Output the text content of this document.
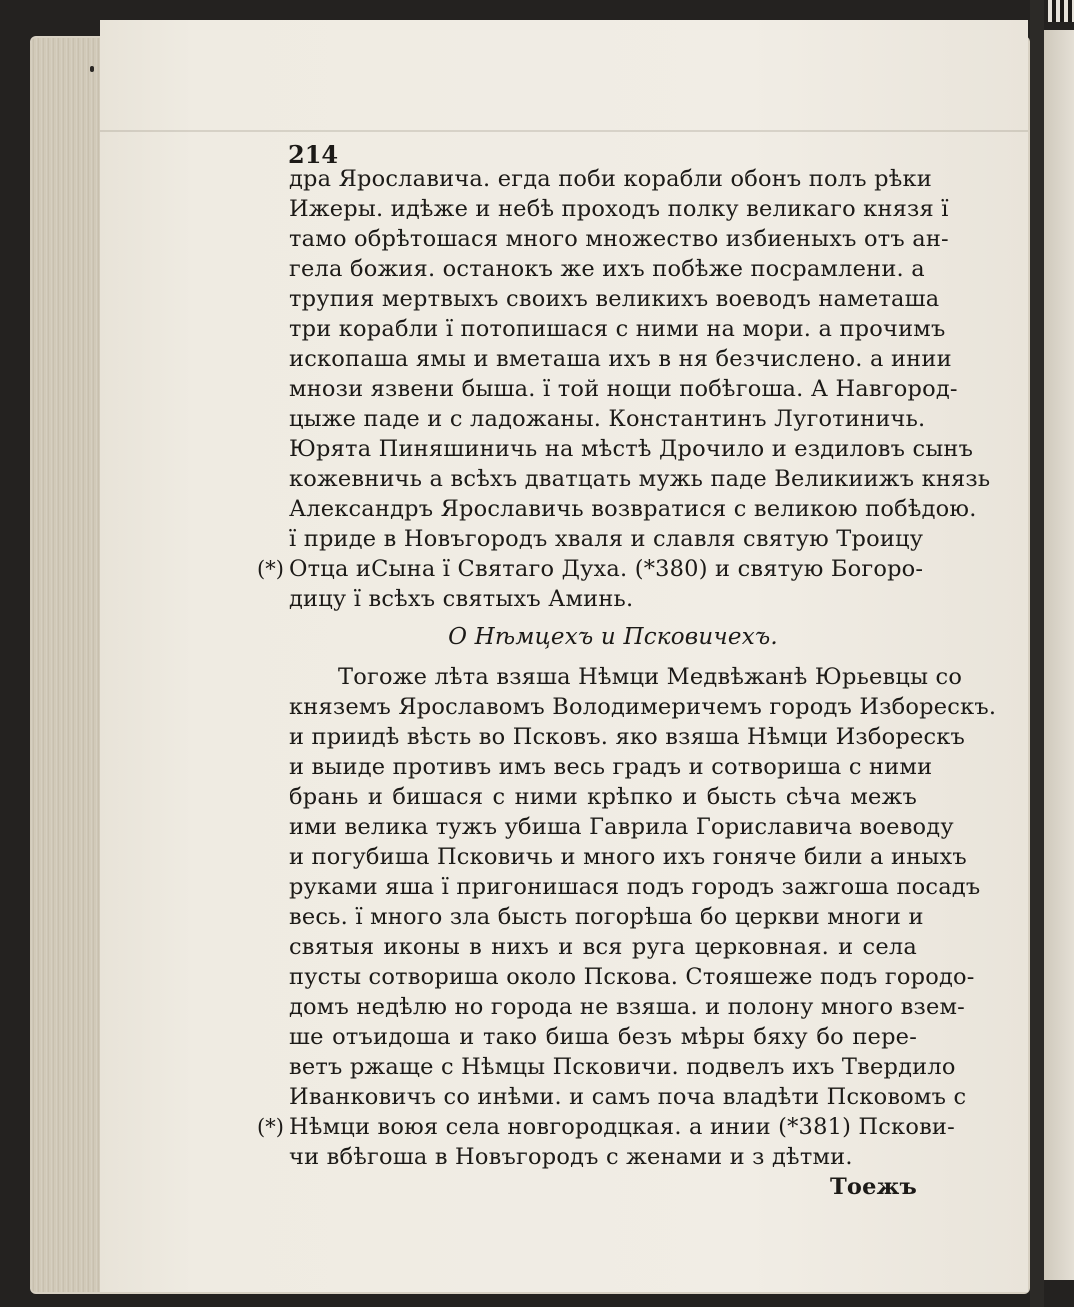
214
дра Ярославича. егда поби корабли обонъ полъ рѣки
Ижеры. идѣже и небѣ проходъ полку великаго князя ї
тамо обрѣтошася много множество избиеныхъ отъ ан-
гела божия. останокъ же ихъ побѣже посрамлени. а
трупия мертвыхъ своихъ великихъ воеводъ наметаша
три корабли ї потопишася с ними на мори. а прочимъ
ископаша ямы и вметаша ихъ в ня безчислено. а инии
мнози язвени быша. ї той нощи побѣгоша. А Навгород-
цыже паде и с ладожаны. Константинъ Луготиничь.
Юрята Пиняшиничь на мѣстѣ Дрочило и ездиловъ сынъ
кожевничь а всѣхъ дватцать мужь паде Великиижъ князь
Александръ Ярославичь возвратися с великою побѣдою.
ї приде в Новъгородъ хваля и славля святую Троицу
(*) Отца иСына ї Святаго Духа. (*380) и святую Богоро-
дицу ї всѣхъ святыхъ Аминь.
О Нѣмцехъ и Псковичехъ.
Тогоже лѣта взяша Нѣмци Медвѣжанѣ Юрьевцы со
княземъ Ярославомъ Володимеричемъ городъ Изборескъ.
и приидѣ вѣсть во Псковъ. яко взяша Нѣмци Изборескъ
и выиде противъ имъ весь градъ и сотвориша с ними
брань и бишася с ними крѣпко и бысть сѣча межъ
ими велика тужъ убиша Гаврила Гориславича воеводу
и погубиша Псковичь и много ихъ гоняче били а иныхъ
руками яша ї пригонишася подъ городъ зажгоша посадъ
весь. ї много зла бысть погорѣша бо церкви многи и
святыя иконы в нихъ и вся руга церковная. и села
пусты сотвориша около Пскова. Стояшеже подъ городо-
домъ недѣлю но города не взяша. и полону много взем-
ше отъидоша и тако биша безъ мѣры бяху бо пере-
ветъ ржаще с Нѣмцы Псковичи. подвелъ ихъ Твердило
Иванковичъ со инѣми. и самъ поча владѣти Псковомъ с
(*) Нѣмци воюя села новгородцкая. а инии (*381) Пскови-
чи вбѣгоша в Новъгородъ с женами и з дѣтми.
Тоежъ
